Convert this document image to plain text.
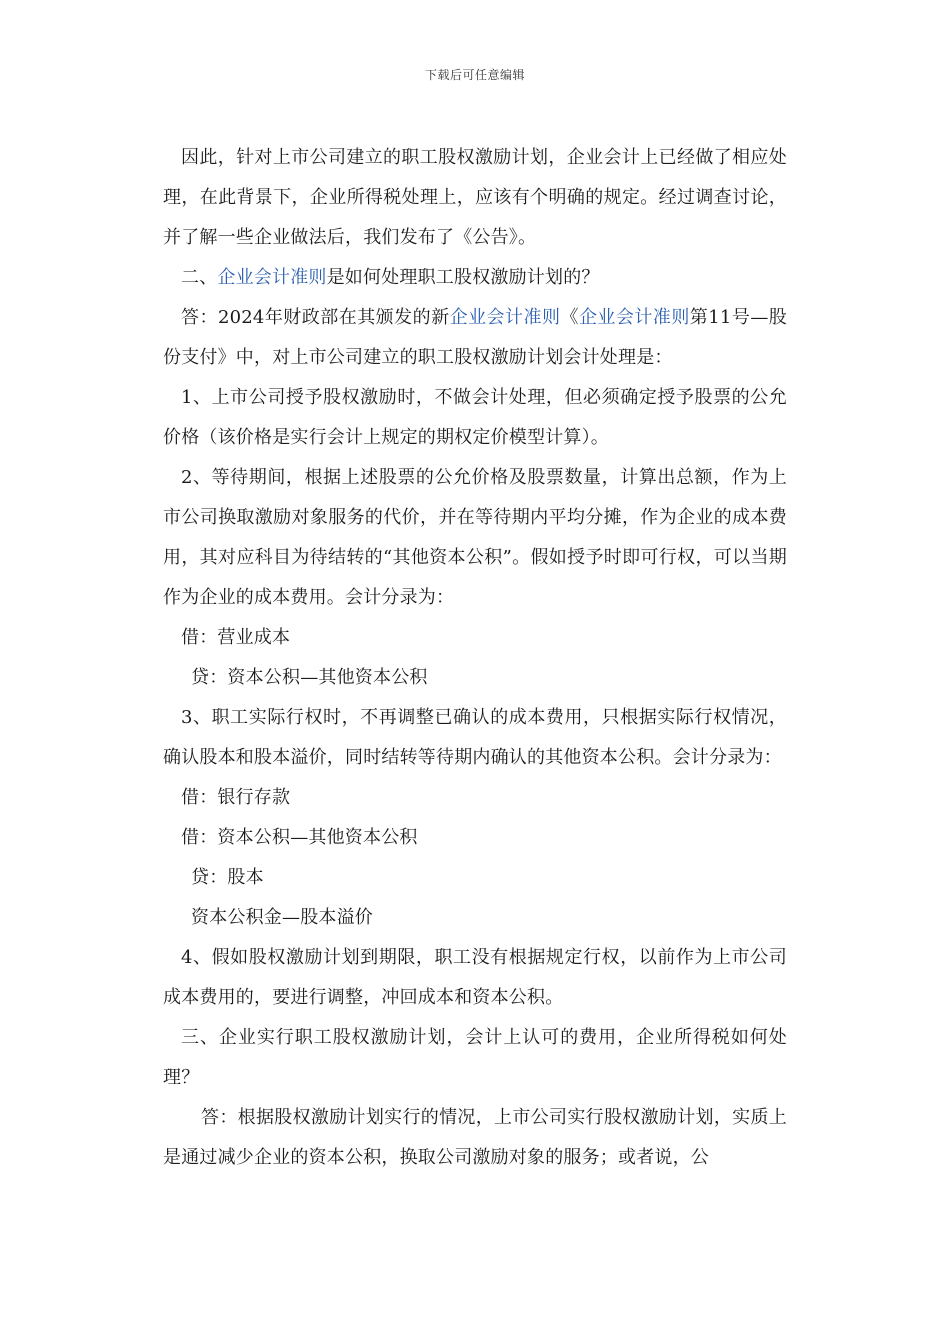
下载后可任意编辑

因此，针对上市公司建立的职工股权激励计划，企业会计上已经做了相应处理，在此背景下，企业所得税处理上，应该有个明确的规定。经过调查讨论，并了解一些企业做法后，我们发布了《公告》。

二、企业会计准则是如何处理职工股权激励计划的？

答：2024年财政部在其颁发的新企业会计准则《企业会计准则第11号—股份支付》中，对上市公司建立的职工股权激励计划会计处理是：

1、上市公司授予股权激励时，不做会计处理，但必须确定授予股票的公允价格（该价格是实行会计上规定的期权定价模型计算）。

2、等待期间，根据上述股票的公允价格及股票数量，计算出总额，作为上市公司换取激励对象服务的代价，并在等待期内平均分摊，作为企业的成本费用，其对应科目为待结转的“其他资本公积”。假如授予时即可行权，可以当期作为企业的成本费用。会计分录为：

借：营业成本

贷：资本公积—其他资本公积

3、职工实际行权时，不再调整已确认的成本费用，只根据实际行权情况，确认股本和股本溢价，同时结转等待期内确认的其他资本公积。会计分录为：

借：银行存款

借：资本公积—其他资本公积

贷：股本

资本公积金—股本溢价

4、假如股权激励计划到期限，职工没有根据规定行权，以前作为上市公司成本费用的，要进行调整，冲回成本和资本公积。

三、企业实行职工股权激励计划，会计上认可的费用，企业所得税如何处理？

答：根据股权激励计划实行的情况，上市公司实行股权激励计划，实质上是通过减少企业的资本公积，换取公司激励对象的服务；或者说，公
